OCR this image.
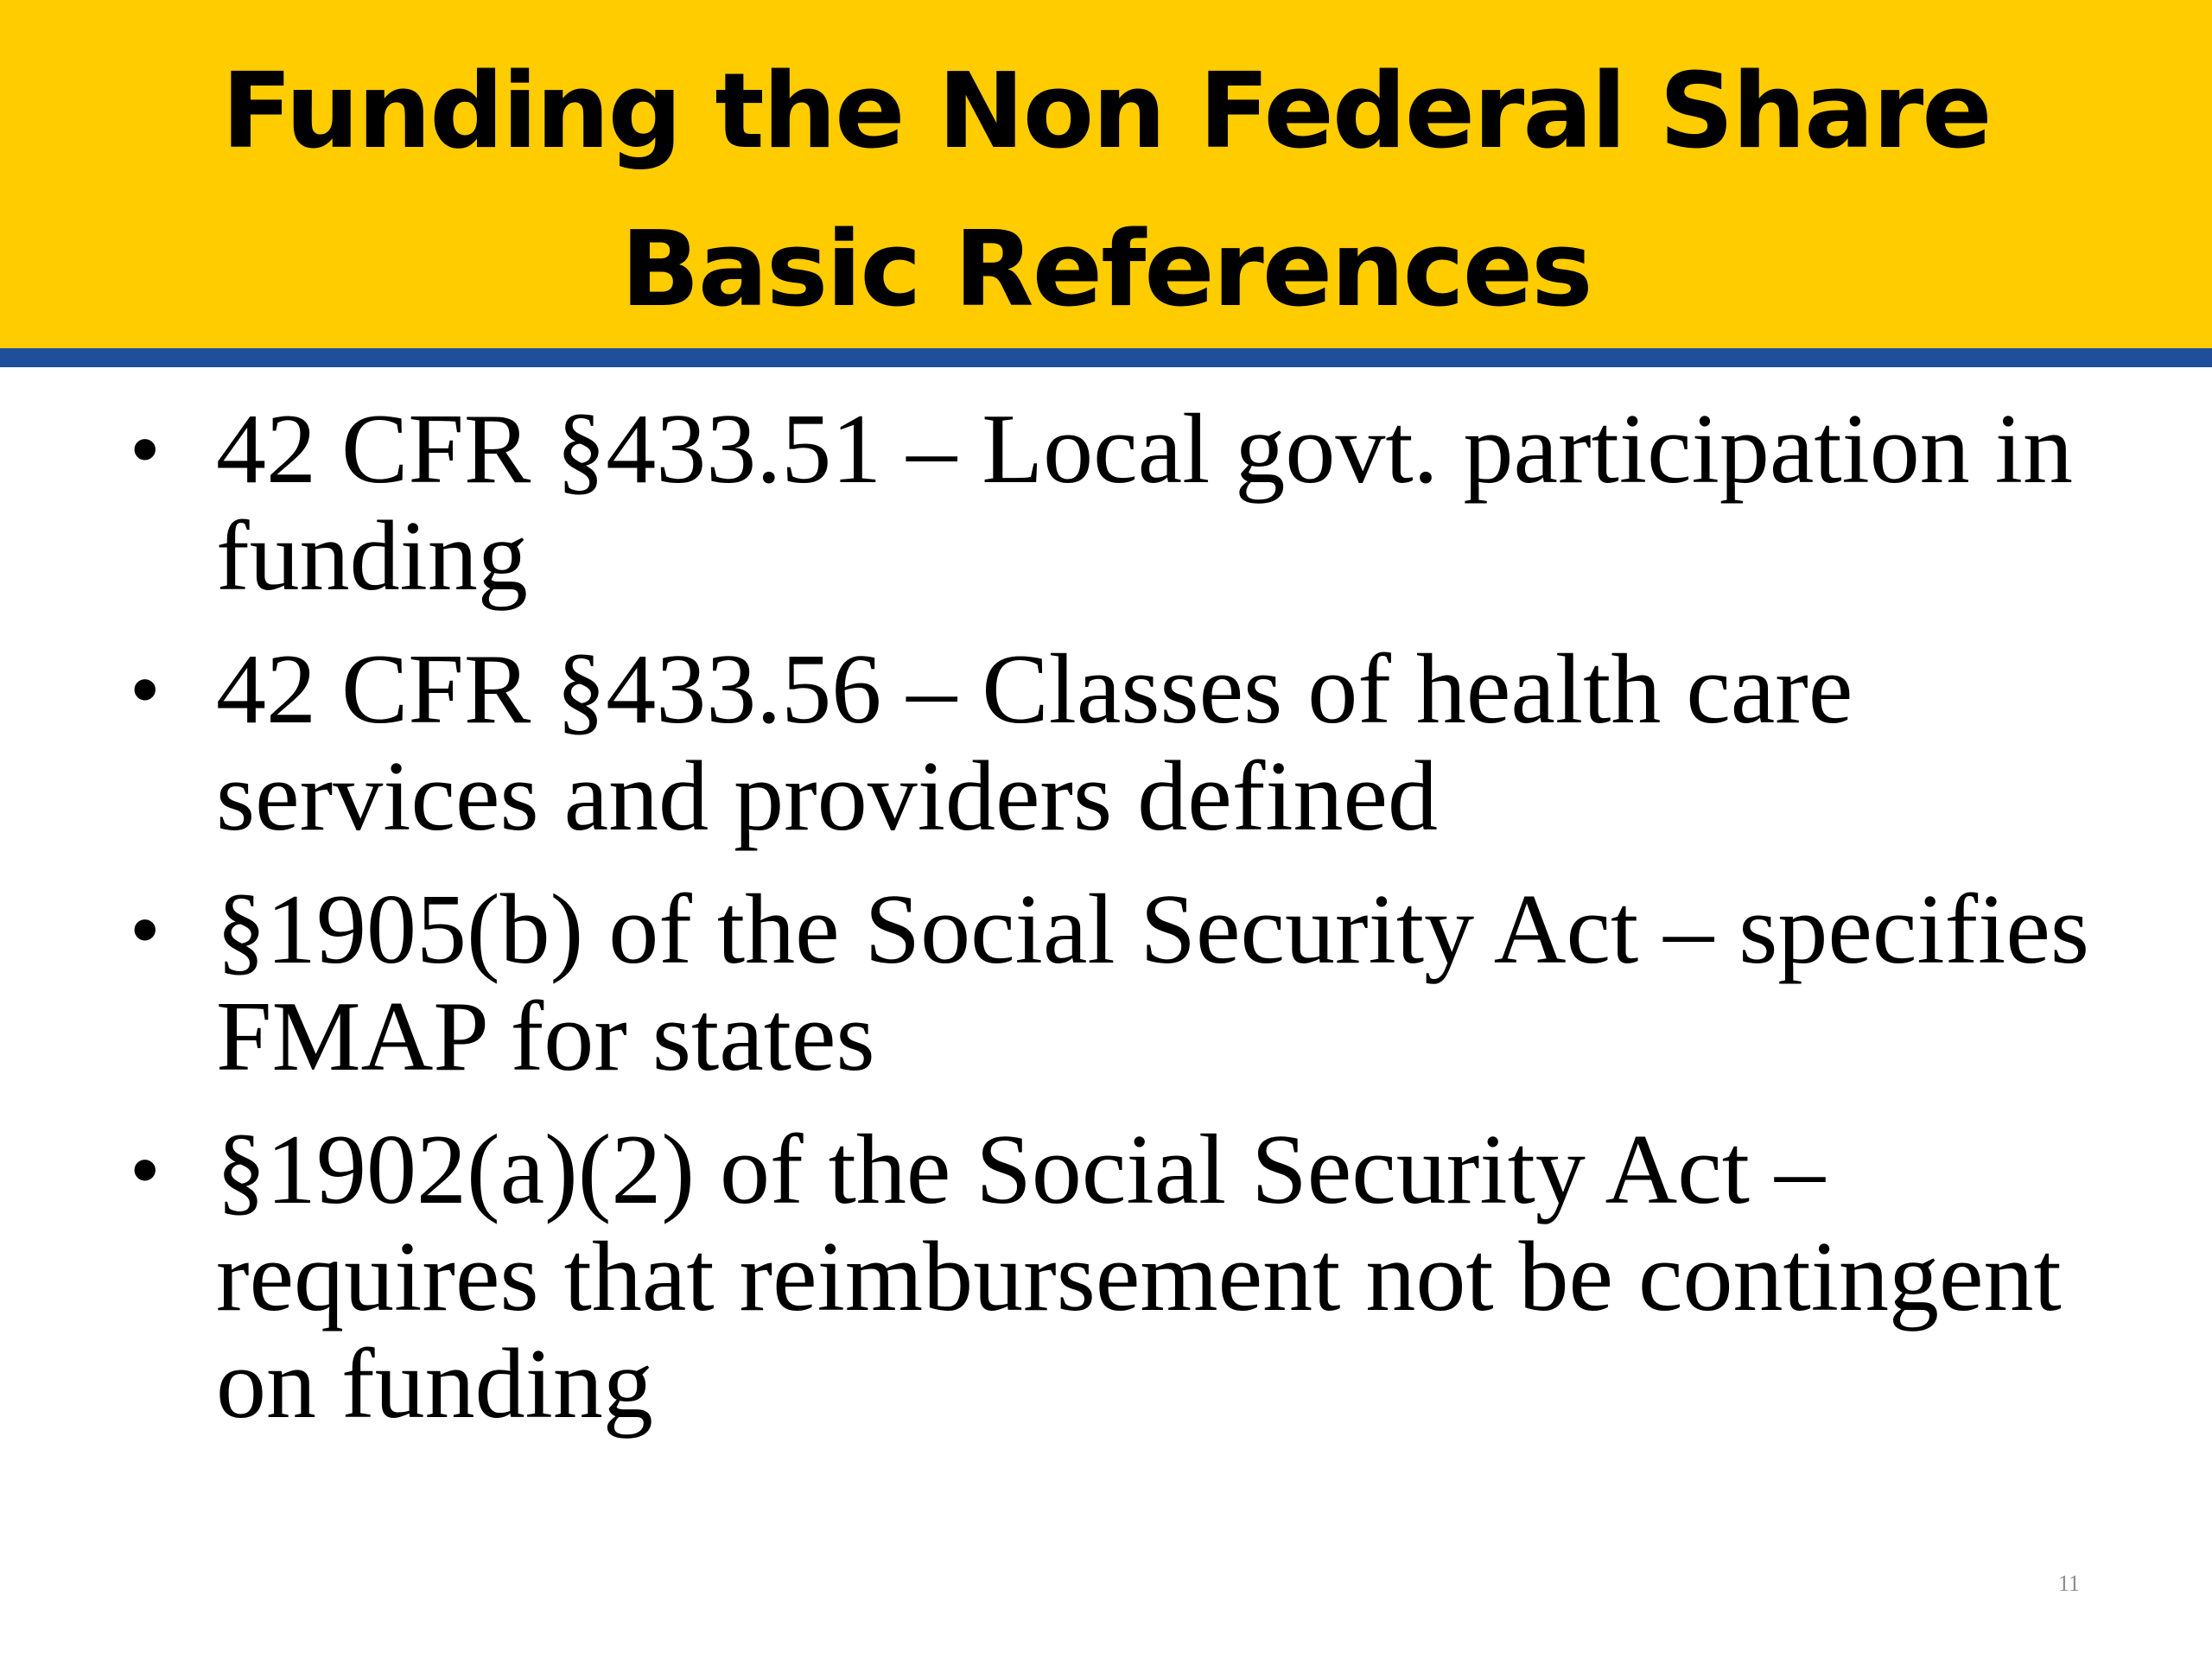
Funding the Non Federal Share
Basic References
• 42 CFR §433.51 – Local govt. participation in funding
• 42 CFR §433.56 – Classes of health care services and providers defined
• §1905(b) of the Social Security Act – specifies FMAP for states
• §1902(a)(2) of the Social Security Act – requires that reimbursement not be contingent on funding
11
